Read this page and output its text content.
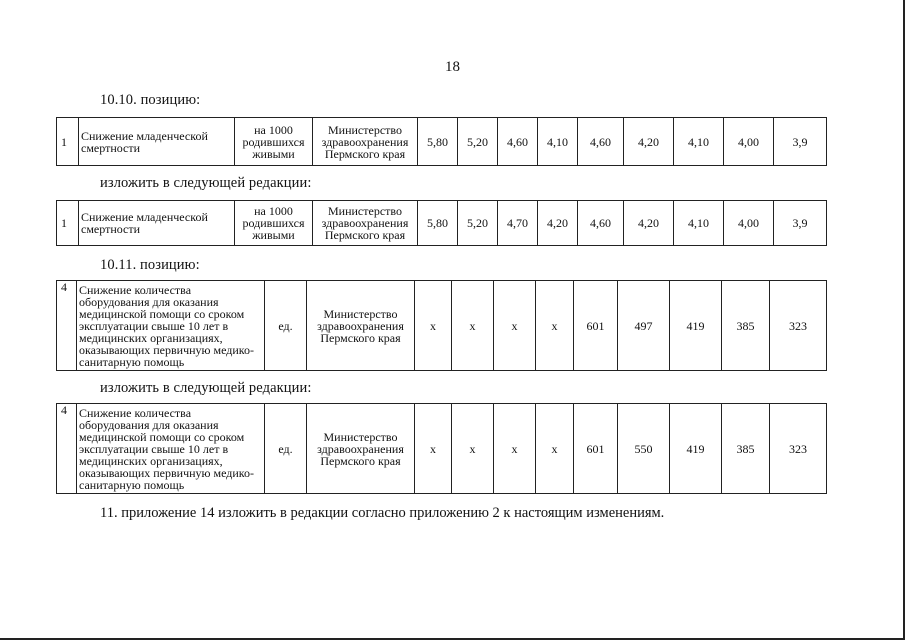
18
10.10. позицию:
1	Снижение младенческой смертности	на 1000 родившихся живыми	Министерство здравоохранения Пермского края	5,80	5,20	4,60	4,10	4,60	4,20	4,10	4,00	3,9
изложить в следующей редакции:
1	Снижение младенческой смертности	на 1000 родившихся живыми	Министерство здравоохранения Пермского края	5,80	5,20	4,70	4,20	4,60	4,20	4,10	4,00	3,9
10.11. позицию:
4	Снижение количества оборудования для оказания медицинской помощи со сроком эксплуатации свыше 10 лет в медицинских организациях, оказывающих первичную медико-санитарную помощь	ед.	Министерство здравоохранения Пермского края	х	х	х	х	601	497	419	385	323
изложить в следующей редакции:
4	Снижение количества оборудования для оказания медицинской помощи со сроком эксплуатации свыше 10 лет в медицинских организациях, оказывающих первичную медико-санитарную помощь	ед.	Министерство здравоохранения Пермского края	х	х	х	х	601	550	419	385	323
11. приложение 14 изложить в редакции согласно приложению 2 к настоящим изменениям.
